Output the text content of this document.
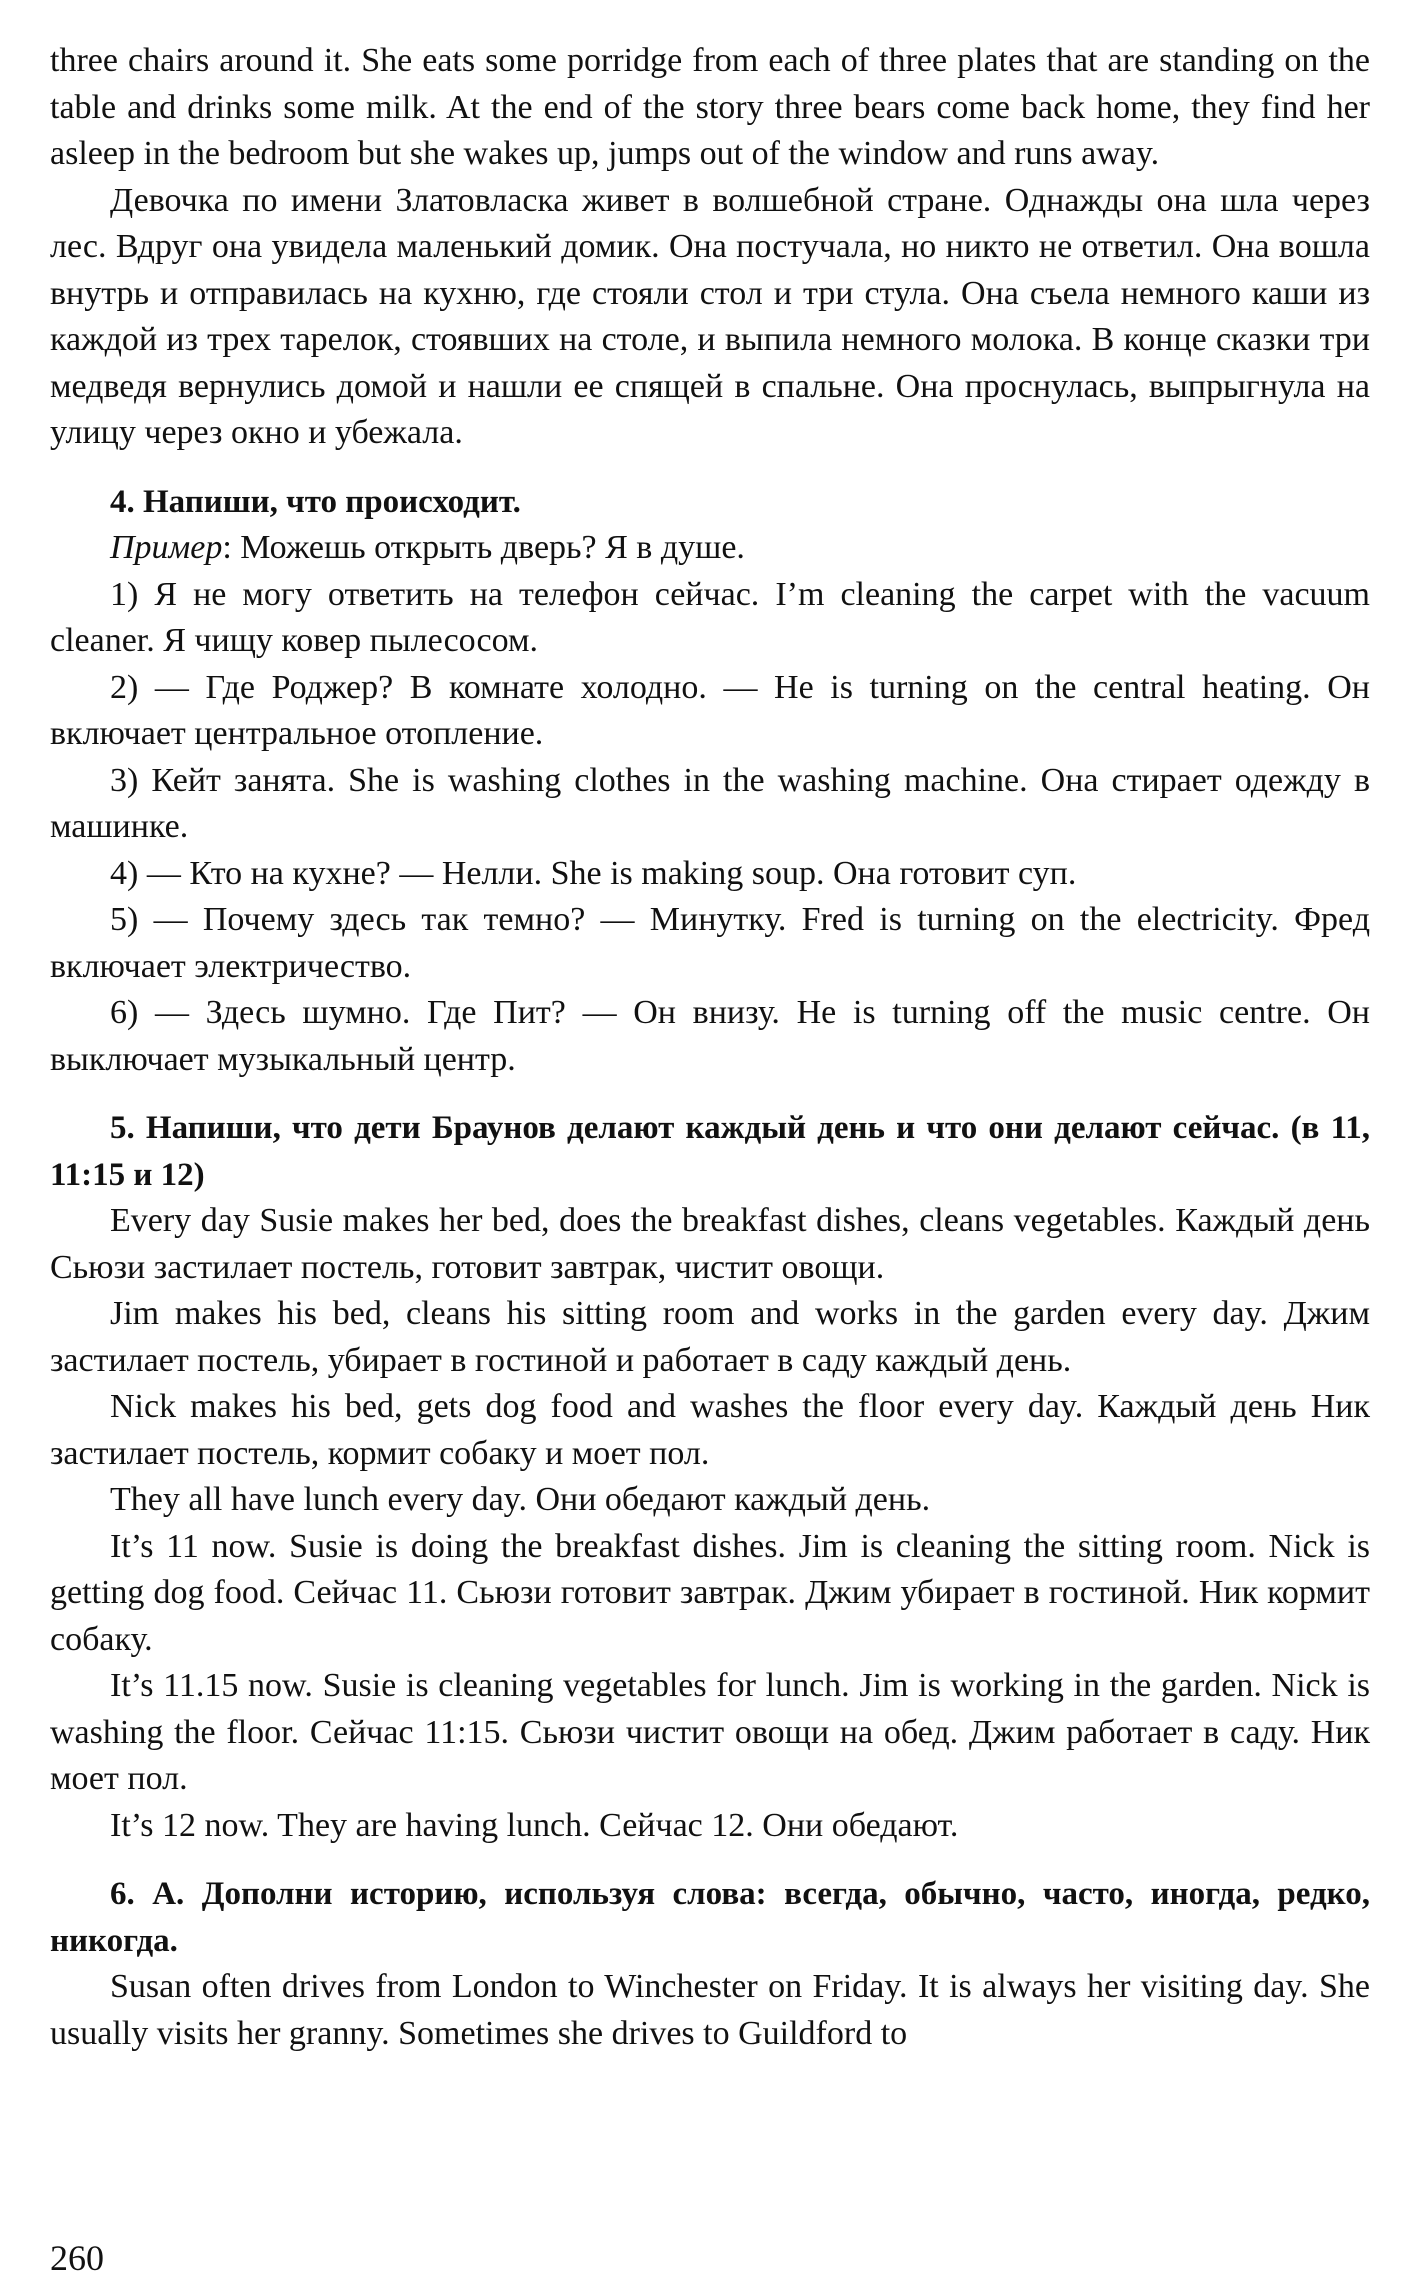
three chairs around it. She eats some porridge from each of three plates that are standing on the table and drinks some milk. At the end of the story three bears come back home, they find her asleep in the bedroom but she wakes up, jumps out of the window and runs away.

Девочка по имени Златовласка живет в волшебной стране. Однажды она шла через лес. Вдруг она увидела маленький домик. Она постучала, но никто не ответил. Она вошла внутрь и отправилась на кухню, где стояли стол и три стула. Она съела немного каши из каждой из трех тарелок, стоявших на столе, и выпила немного молока. В конце сказки три медведя вернулись домой и нашли ее спящей в спальне. Она проснулась, выпрыгнула на улицу через окно и убежала.

4. Напиши, что происходит.

Пример: Можешь открыть дверь? Я в душе.

1) Я не могу ответить на телефон сейчас. I’m cleaning the carpet with the vacuum cleaner. Я чищу ковер пылесосом.

2) — Где Роджер? В комнате холодно. — He is turning on the central heating. Он включает центральное отопление.

3) Кейт занята. She is washing clothes in the washing machine. Она стирает одежду в машинке.

4) — Кто на кухне? — Нелли. She is making soup. Она готовит суп.

5) — Почему здесь так темно? — Минутку. Fred is turning on the electricity. Фред включает электричество.

6) — Здесь шумно. Где Пит? — Он внизу. He is turning off the music centre. Он выключает музыкальный центр.

5. Напиши, что дети Браунов делают каждый день и что они делают сейчас. (в 11, 11:15 и 12)

Every day Susie makes her bed, does the breakfast dishes, cleans vegetables. Каждый день Сьюзи застилает постель, готовит завтрак, чистит овощи.

Jim makes his bed, cleans his sitting room and works in the garden every day. Джим застилает постель, убирает в гостиной и работает в саду каждый день.

Nick makes his bed, gets dog food and washes the floor every day. Каждый день Ник застилает постель, кормит собаку и моет пол.

They all have lunch every day. Они обедают каждый день.

It’s 11 now. Susie is doing the breakfast dishes. Jim is cleaning the sitting room. Nick is getting dog food. Сейчас 11. Сьюзи готовит завтрак. Джим убирает в гостиной. Ник кормит собаку.

It’s 11.15 now. Susie is cleaning vegetables for lunch. Jim is working in the garden. Nick is washing the floor. Сейчас 11:15. Сьюзи чистит овощи на обед. Джим работает в саду. Ник моет пол.

It’s 12 now. They are having lunch. Сейчас 12. Они обедают.

6. А. Дополни историю, используя слова: всегда, обычно, часто, иногда, редко, никогда.

Susan often drives from London to Winchester on Friday. It is always her visiting day. She usually visits her granny. Sometimes she drives to Guildford to

260
